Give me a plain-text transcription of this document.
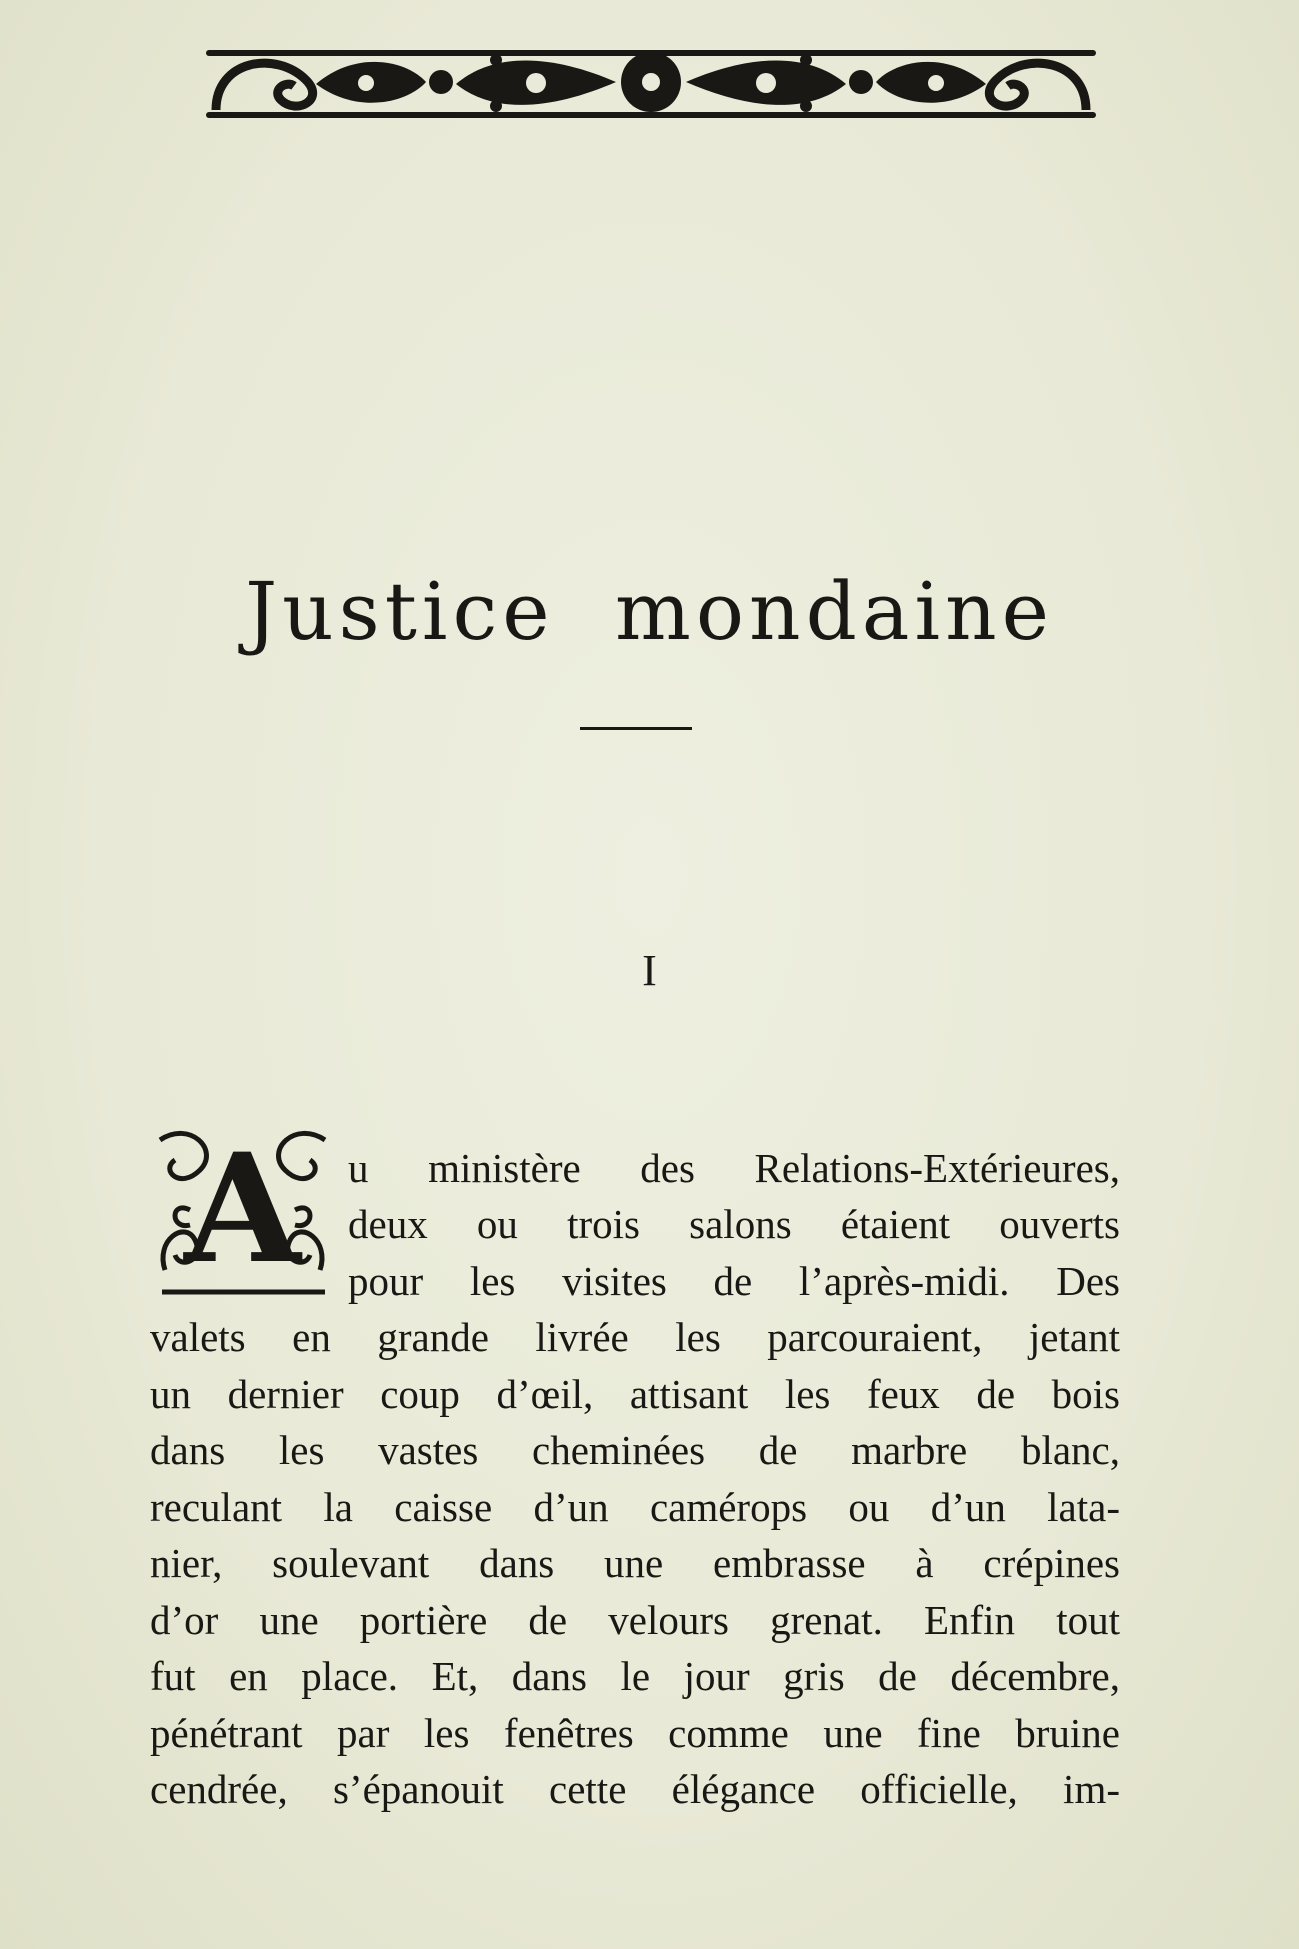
Justice mondaine
I
A	u ministère des Relations-Extérieures,
deux ou trois salons étaient ouverts
pour les visites de l’après-midi. Des
valets en grande livrée les parcouraient, jetant
un dernier coup d’œil, attisant les feux de bois
dans les vastes cheminées de marbre blanc,
reculant la caisse d’un camérops ou d’un lata-
nier, soulevant dans une embrasse à crépines
d’or une portière de velours grenat. Enfin tout
fut en place. Et, dans le jour gris de décembre,
pénétrant par les fenêtres comme une fine bruine
cendrée, s’épanouit cette élégance officielle, im-
